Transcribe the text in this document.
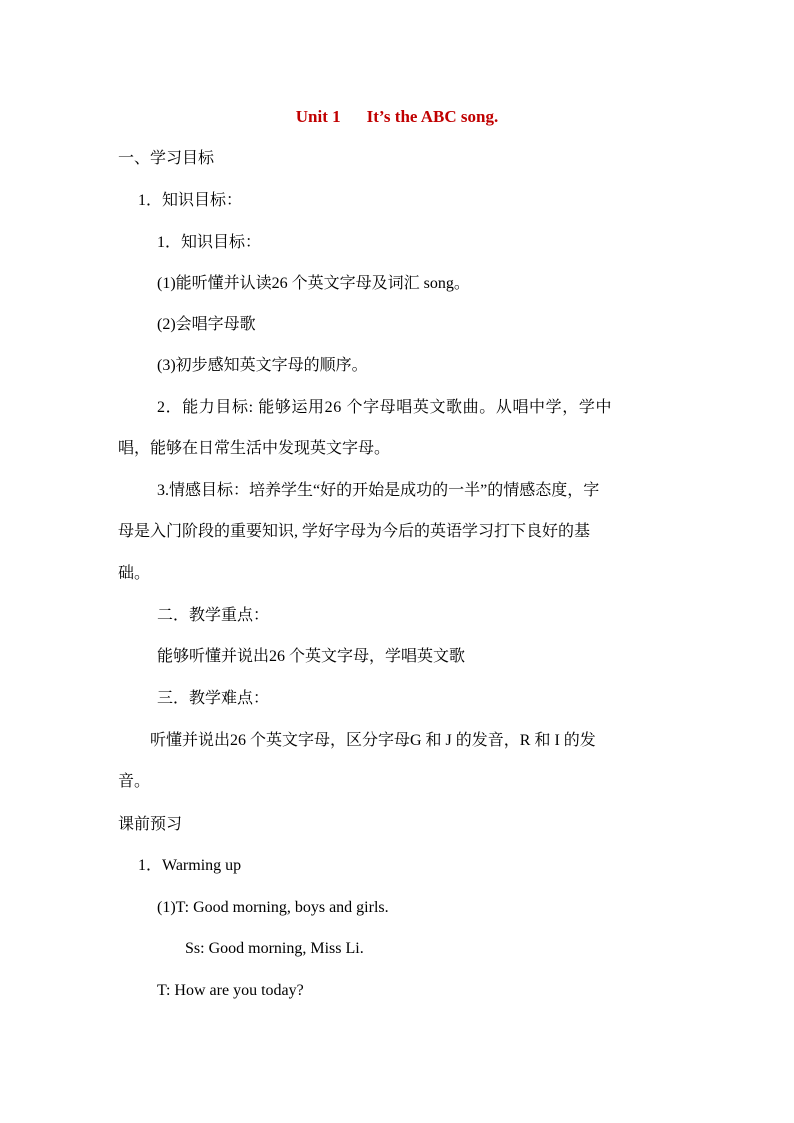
Unit 1 It’s the ABC song.
一、学习目标
1．知识目标：
1．知识目标：
(1)能听懂并认读26 个英文字母及词汇 song。
(2)会唱字母歌
(3)初步感知英文字母的顺序。
2．能力目标: 能够运用26 个字母唱英文歌曲。从唱中学，学中
唱，能够在日常生活中发现英文字母。
3.情感目标：培养学生“好的开始是成功的一半”的情感态度，字
母是入门阶段的重要知识, 学好字母为今后的英语学习打下良好的基
础。
二．教学重点：
能够听懂并说出26 个英文字母，学唱英文歌
三．教学难点：
听懂并说出26 个英文字母，区分字母G 和 J 的发音，R 和 I 的发
音。
课前预习
1．Warming up
(1)T: Good morning, boys and girls.
Ss: Good morning, Miss Li.
T: How are you today?
